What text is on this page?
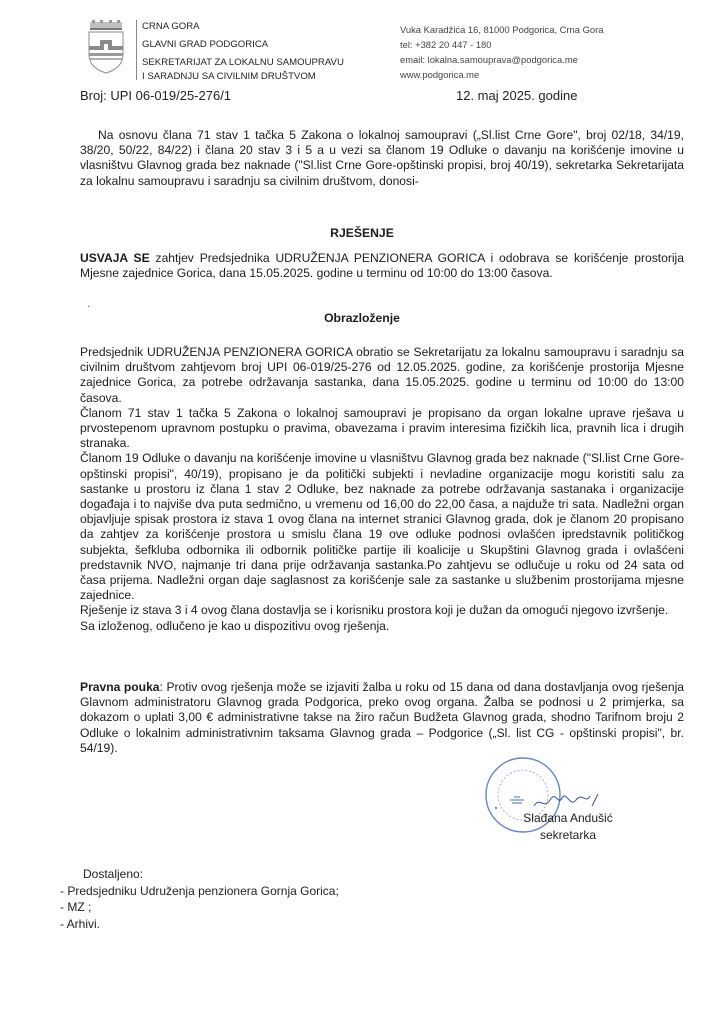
CRNA GORA
GLAVNI GRAD PODGORICA
SEKRETARIJAT ZA LOKALNU SAMOUPRAVU
I SARADNJU SA CIVILNIM DRUŠTVOM
Vuka Karadžića 16, 81000 Podgorica, Crna Gora
tel: +382 20 447 - 180
email: lokalna.samouprava@podgorica.me
www.podgorica.me
Broj: UPI 06-019/25-276/1	12. maj 2025. godine
Na osnovu člana 71 stav 1 tačka 5 Zakona o lokalnoj samoupravi („Sl.list Crne Gore", broj 02/18, 34/19, 38/20, 50/22, 84/22) i člana 20 stav 3 i 5 a u vezi sa članom 19 Odluke o davanju na korišćenje imovine u vlasništvu Glavnog grada bez naknade ("Sl.list Crne Gore-opštinski propisi, broj 40/19), sekretarka Sekretarijata za lokalnu samoupravu i saradnju sa civilnim društvom, donosi-
RJEŠENJE
USVAJA SE zahtjev Predsjednika UDRUŽENJA PENZIONERA GORICA i odobrava se korišćenje prostorija Mjesne zajednice Gorica, dana 15.05.2025. godine u terminu od 10:00 do 13:00 časova.
·
Obrazloženje

Predsjednik UDRUŽENJA PENZIONERA GORICA obratio se Sekretarijatu za lokalnu samoupravu i saradnju sa civilnim društvom zahtjevom broj UPI 06-019/25-276 od 12.05.2025. godine, za korišćenje prostorija Mjesne zajednice Gorica, za potrebe održavanja sastanka, dana 15.05.2025. godine u terminu od 10:00 do 13:00 časova.

Članom 71 stav 1 tačka 5 Zakona o lokalnoj samoupravi je propisano da organ lokalne uprave rješava u prvostepenom upravnom postupku o pravima, obavezama i pravim interesima fizičkih lica, pravnih lica i drugih stranaka.

Članom 19 Odluke o davanju na korišćenje imovine u vlasništvu Glavnog grada bez naknade ("Sl.list Crne Gore-opštinski propisi", 40/19), propisano je da politički subjekti i nevladine organizacije mogu koristiti salu za sastanke u prostoru iz člana 1 stav 2 Odluke, bez naknade za potrebe održavanja sastanaka i organizacije događaja i to najviše dva puta sedmično, u vremenu od 16,00 do 22,00 časa, a najduže tri sata. Nadležni organ objavljuje spisak prostora iz stava 1 ovog člana na internet stranici Glavnog grada, dok je članom 20 propisano da zahtjev za korišćenje prostora u smislu člana 19 ove odluke podnosi ovlašćen ipredstavnik političkog subjekta, šefkluba odbornika ili odbornik političke partije ili koalicije u Skupštini Glavnog grada i ovlašćeni predstavnik NVO, najmanje tri dana prije održavanja sastanka.Po zahtjevu se odlučuje u roku od 24 sata od časa prijema. Nadležni organ daje saglasnost za korišćenje sale za sastanke u službenim prostorijama mjesne zajednice.

Rješenje iz stava 3 i 4 ovog člana dostavlja se i korisniku prostora koji je dužan da omogući njegovo izvršenje.

Sa izloženog, odlučeno je kao u dispozitivu ovog rješenja.

Pravna pouka: Protiv ovog rješenja može se izjaviti žalba u roku od 15 dana od dana dostavljanja ovog rješenja Glavnom administratoru Glavnog grada Podgorica, preko ovog organa. Žalba se podnosi u 2 primjerka, sa dokazom o uplati 3,00 € administrativne takse na žiro račun Budžeta Glavnog grada, shodno Tarifnom broju 2 Odluke o lokalnim administrativnim taksama Glavnog grada – Podgorice („Sl. list CG - opštinski propisi", br. 54/19).
Slađana Andušić
sekretarka
Dostaljeno:
- Predsjedniku Udruženja penzionera Gornja Gorica;
- MZ ;
- Arhivi.
